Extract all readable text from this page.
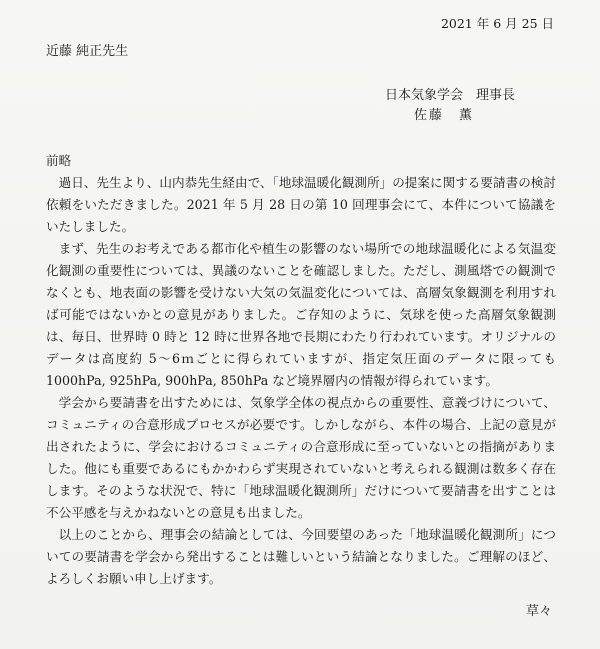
2021 年 6 月 25 日
近藤 純正先生
日本気象学会　理事長
佐藤　薫

前略

過日、先生より、山内恭先生経由で、「地球温暖化観測所」の提案に関する要請書の検討依頼をいただきました。2021 年 5 月 28 日の第 10 回理事会にて、本件について協議をいたしました。

まず、先生のお考えである都市化や植生の影響のない場所での地球温暖化による気温変化観測の重要性については、異議のないことを確認しました。ただし、測風塔での観測でなくとも、地表面の影響を受けない大気の気温変化については、高層気象観測を利用すれば可能ではないかとの意見がありました。ご存知のように、気球を使った高層気象観測は、毎日、世界時 0 時と 12 時に世界各地で長期にわたり行われています。オリジナルのデータは高度約 5〜6ｍごとに得られていますが、指定気圧面のデータに限っても 1000hPa, 925hPa, 900hPa, 850hPa など境界層内の情報が得られています。

学会から要請書を出すためには、気象学全体の視点からの重要性、意義づけについて、コミュニティの合意形成プロセスが必要です。しかしながら、本件の場合、上記の意見が出されたように、学会におけるコミュニティの合意形成に至っていないとの指摘がありました。他にも重要であるにもかかわらず実現されていないと考えられる観測は数多く存在します。そのような状況で、特に「地球温暖化観測所」だけについて要請書を出すことは不公平感を与えかねないとの意見も出ました。

以上のことから、理事会の結論としては、今回要望のあった「地球温暖化観測所」についての要請書を学会から発出することは難しいという結論となりました。ご理解のほど、よろしくお願い申し上げます。

草々
